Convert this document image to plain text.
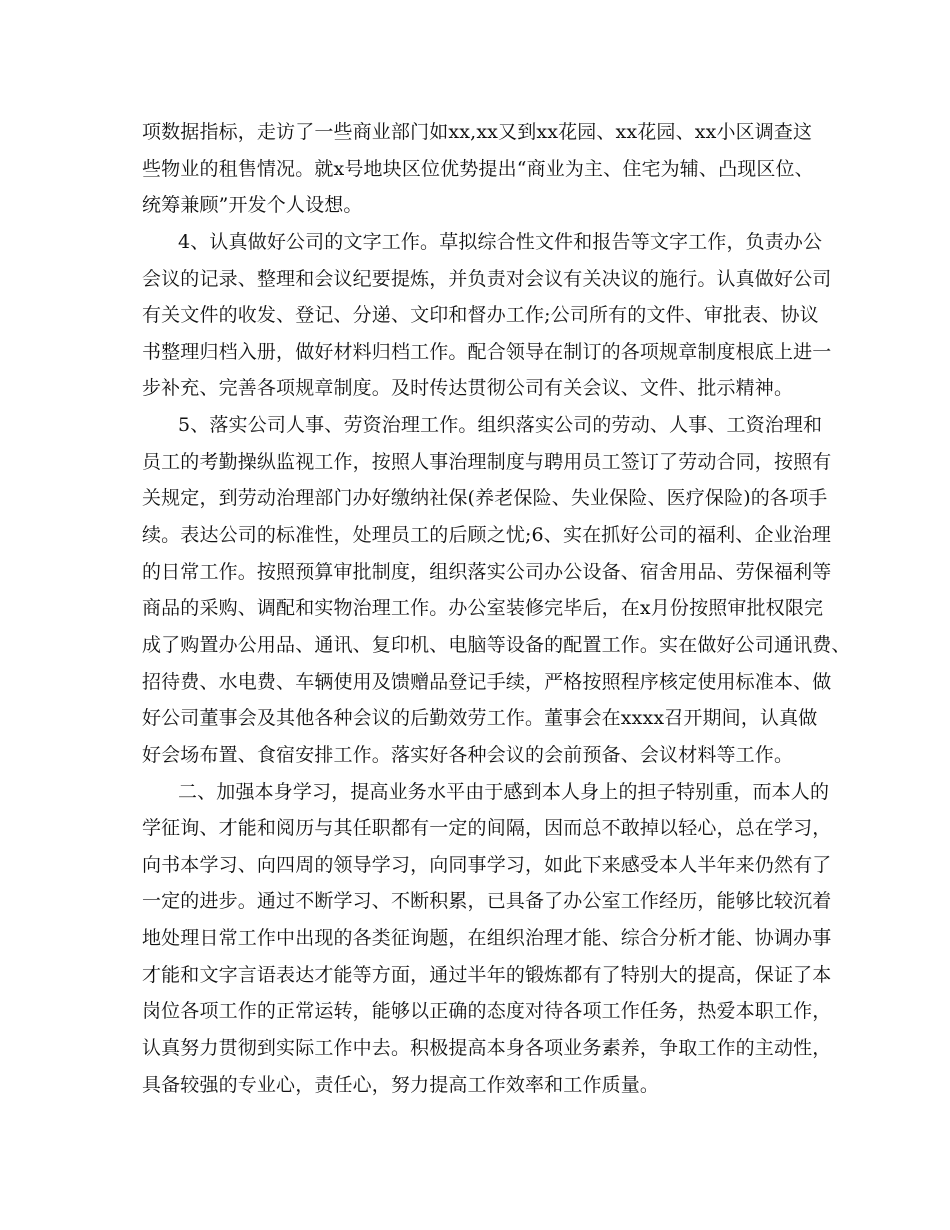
项数据指标，走访了一些商业部门如xx,xx又到xx花园、xx花园、xx小区调查这
些物业的租售情况。就x号地块区位优势提出“商业为主、住宅为辅、凸现区位、
统筹兼顾”开发个人设想。
4、认真做好公司的文字工作。草拟综合性文件和报告等文字工作，负责办公
会议的记录、整理和会议纪要提炼，并负责对会议有关决议的施行。认真做好公司
有关文件的收发、登记、分递、文印和督办工作;公司所有的文件、审批表、协议
书整理归档入册，做好材料归档工作。配合领导在制订的各项规章制度根底上进一
步补充、完善各项规章制度。及时传达贯彻公司有关会议、文件、批示精神。
5、落实公司人事、劳资治理工作。组织落实公司的劳动、人事、工资治理和
员工的考勤操纵监视工作，按照人事治理制度与聘用员工签订了劳动合同，按照有
关规定，到劳动治理部门办好缴纳社保(养老保险、失业保险、医疗保险)的各项手
续。表达公司的标准性，处理员工的后顾之忧;6、实在抓好公司的福利、企业治理
的日常工作。按照预算审批制度，组织落实公司办公设备、宿舍用品、劳保福利等
商品的采购、调配和实物治理工作。办公室装修完毕后，在x月份按照审批权限完
成了购置办公用品、通讯、复印机、电脑等设备的配置工作。实在做好公司通讯费、
招待费、水电费、车辆使用及馈赠品登记手续，严格按照程序核定使用标准本、做
好公司董事会及其他各种会议的后勤效劳工作。董事会在xxxx召开期间，认真做
好会场布置、食宿安排工作。落实好各种会议的会前预备、会议材料等工作。
二、加强本身学习，提高业务水平由于感到本人身上的担子特别重，而本人的
学征询、才能和阅历与其任职都有一定的间隔，因而总不敢掉以轻心，总在学习，
向书本学习、向四周的领导学习，向同事学习，如此下来感受本人半年来仍然有了
一定的进步。通过不断学习、不断积累，已具备了办公室工作经历，能够比较沉着
地处理日常工作中出现的各类征询题，在组织治理才能、综合分析才能、协调办事
才能和文字言语表达才能等方面，通过半年的锻炼都有了特别大的提高，保证了本
岗位各项工作的正常运转，能够以正确的态度对待各项工作任务，热爱本职工作，
认真努力贯彻到实际工作中去。积极提高本身各项业务素养，争取工作的主动性，
具备较强的专业心，责任心，努力提高工作效率和工作质量。
